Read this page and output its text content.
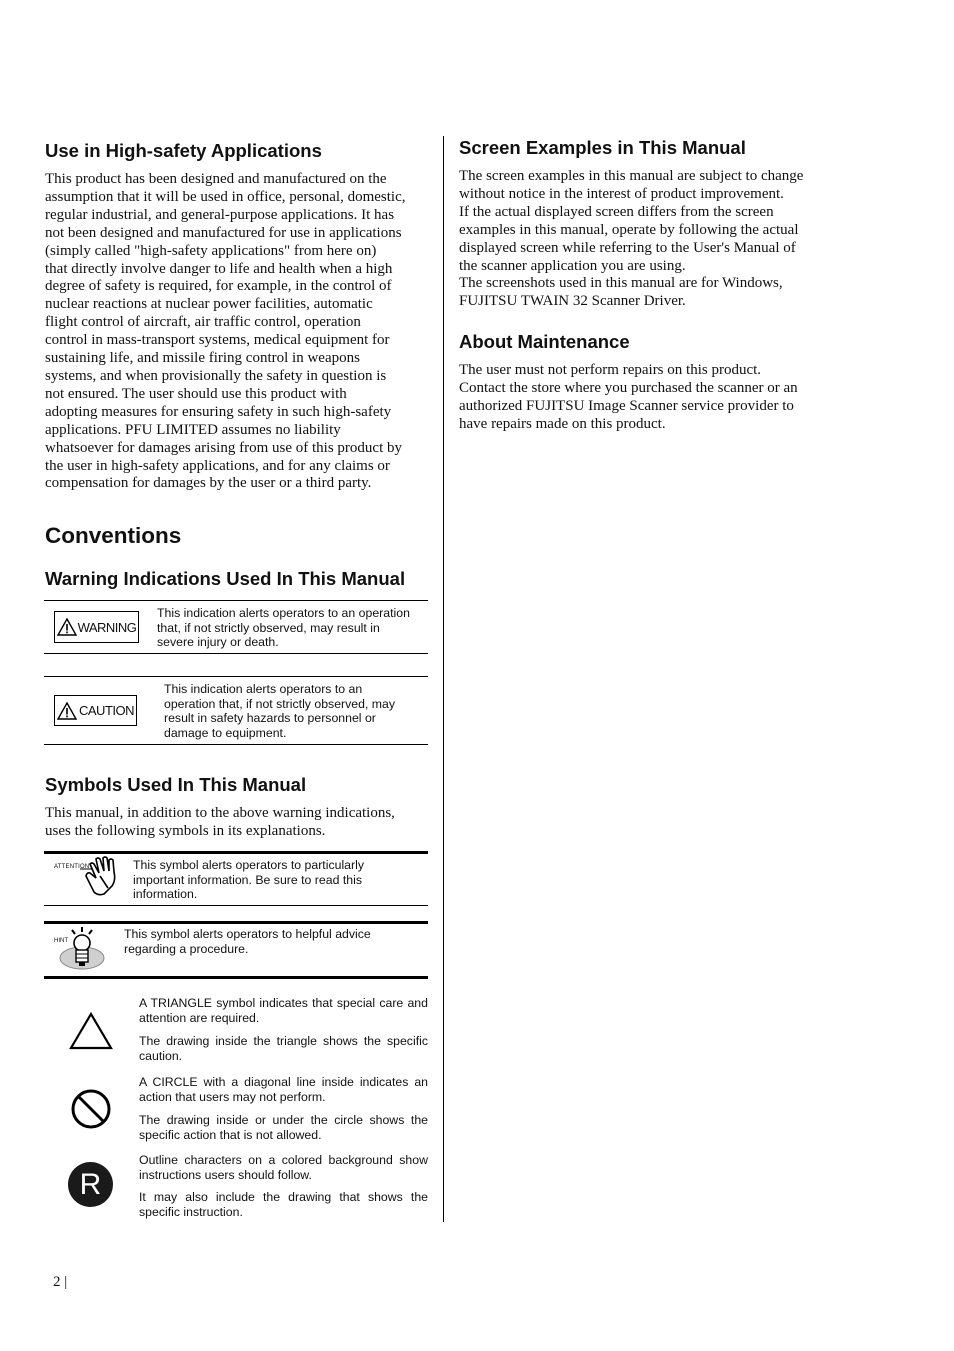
Use in High-safety Applications

This product has been designed and manufactured on the
assumption that it will be used in office, personal, domestic,
regular industrial, and general-purpose applications. It has
not been designed and manufactured for use in applications
(simply called "high-safety applications" from here on)
that directly involve danger to life and health when a high
degree of safety is required, for example, in the control of
nuclear reactions at nuclear power facilities, automatic
flight control of aircraft, air traffic control, operation
control in mass-transport systems, medical equipment for
sustaining life, and missile firing control in weapons
systems, and when provisionally the safety in question is
not ensured. The user should use this product with
adopting measures for ensuring safety in such high-safety
applications. PFU LIMITED assumes no liability
whatsoever for damages arising from use of this product by
the user in high-safety applications, and for any claims or
compensation for damages by the user or a third party.

Conventions
Warning Indications Used In This Manual
WARNING

This indication alerts operators to an operation
that, if not strictly observed, may result in
severe injury or death.

CAUTION

This indication alerts operators to an
operation that, if not strictly observed, may
result in safety hazards to personnel or
damage to equipment.

Symbols Used In This Manual

This manual, in addition to the above warning indications,
uses the following symbols in its explanations.

ATTENTION	This symbol alerts operators to particularly
important information. Be sure to read this
information.

HINT	This symbol alerts operators to helpful advice
regarding a procedure.

A TRIANGLE symbol indicates that special care and attention are required.

The drawing inside the triangle shows the specific caution.

A CIRCLE with a diagonal line inside indicates an action that users may not perform.

The drawing inside or under the circle shows the specific action that is not allowed.

R

Outline characters on a colored background show instructions users should follow.

It may also include the drawing that shows the specific instruction.

Screen Examples in This Manual

The screen examples in this manual are subject to change
without notice in the interest of product improvement.
If the actual displayed screen differs from the screen
examples in this manual, operate by following the actual
displayed screen while referring to the User's Manual of
the scanner application you are using.
The screenshots used in this manual are for Windows,
FUJITSU TWAIN 32 Scanner Driver.

About Maintenance

The user must not perform repairs on this product.
Contact the store where you purchased the scanner or an
authorized FUJITSU Image Scanner service provider to
have repairs made on this product.

2 |
